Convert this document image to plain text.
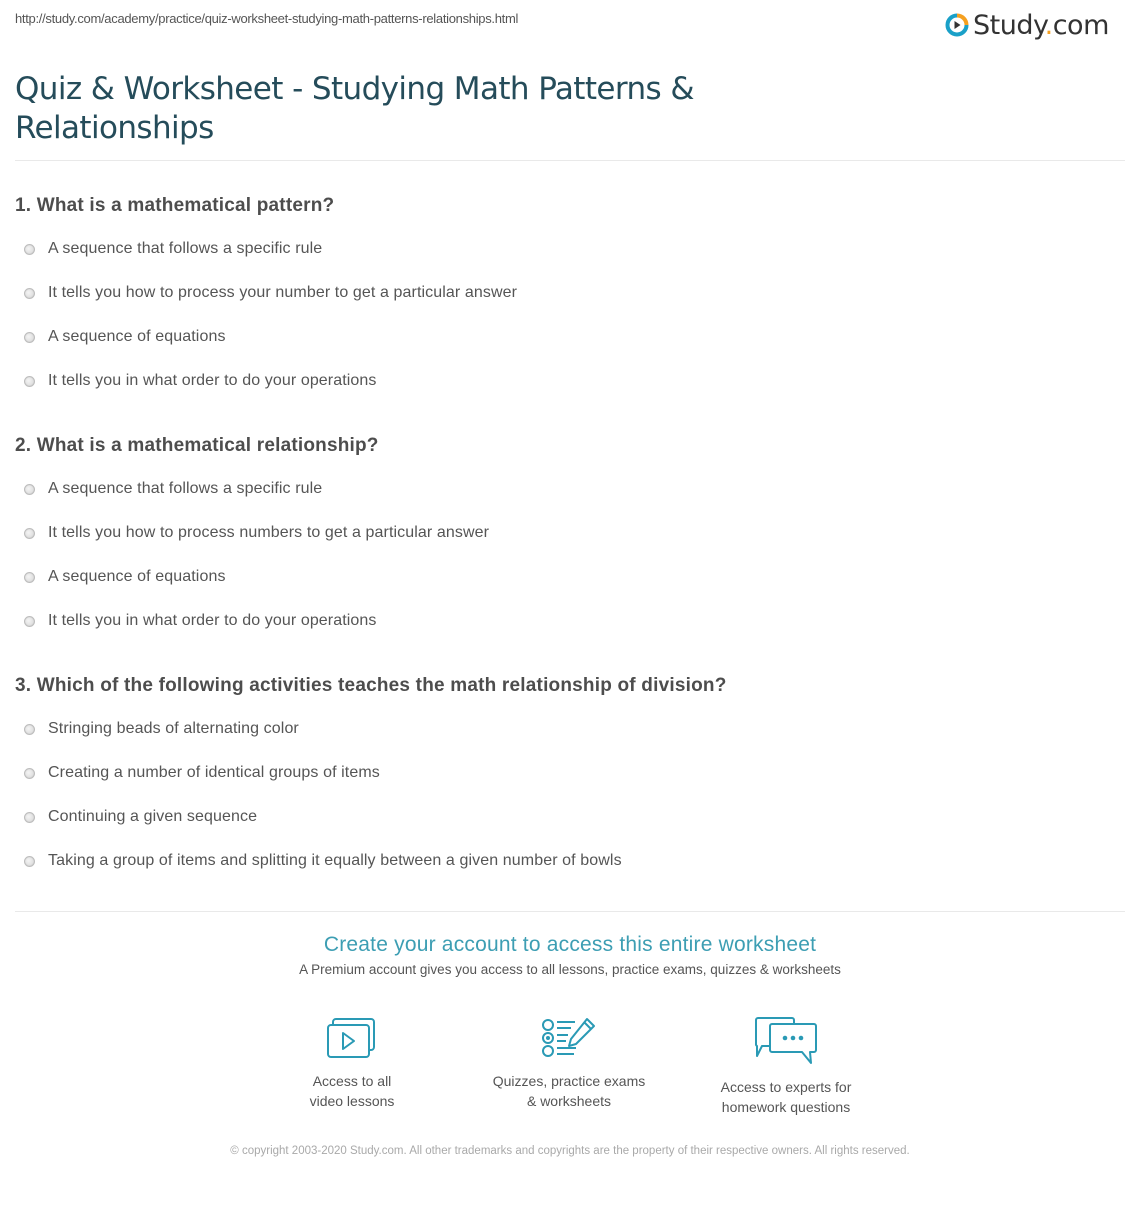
http://study.com/academy/practice/quiz-worksheet-studying-math-patterns-relationships.html	Study.com
Quiz & Worksheet - Studying Math Patterns & Relationships
1. What is a mathematical pattern?
A sequence that follows a specific rule
It tells you how to process your number to get a particular answer
A sequence of equations
It tells you in what order to do your operations
2. What is a mathematical relationship?
A sequence that follows a specific rule
It tells you how to process numbers to get a particular answer
A sequence of equations
It tells you in what order to do your operations
3. Which of the following activities teaches the math relationship of division?
Stringing beads of alternating color
Creating a number of identical groups of items
Continuing a given sequence
Taking a group of items and splitting it equally between a given number of bowls
Create your account to access this entire worksheet
A Premium account gives you access to all lessons, practice exams, quizzes & worksheets
Access to all
video lessons
Quizzes, practice exams
& worksheets
Access to experts for
homework questions
© copyright 2003-2020 Study.com. All other trademarks and copyrights are the property of their respective owners. All rights reserved.
